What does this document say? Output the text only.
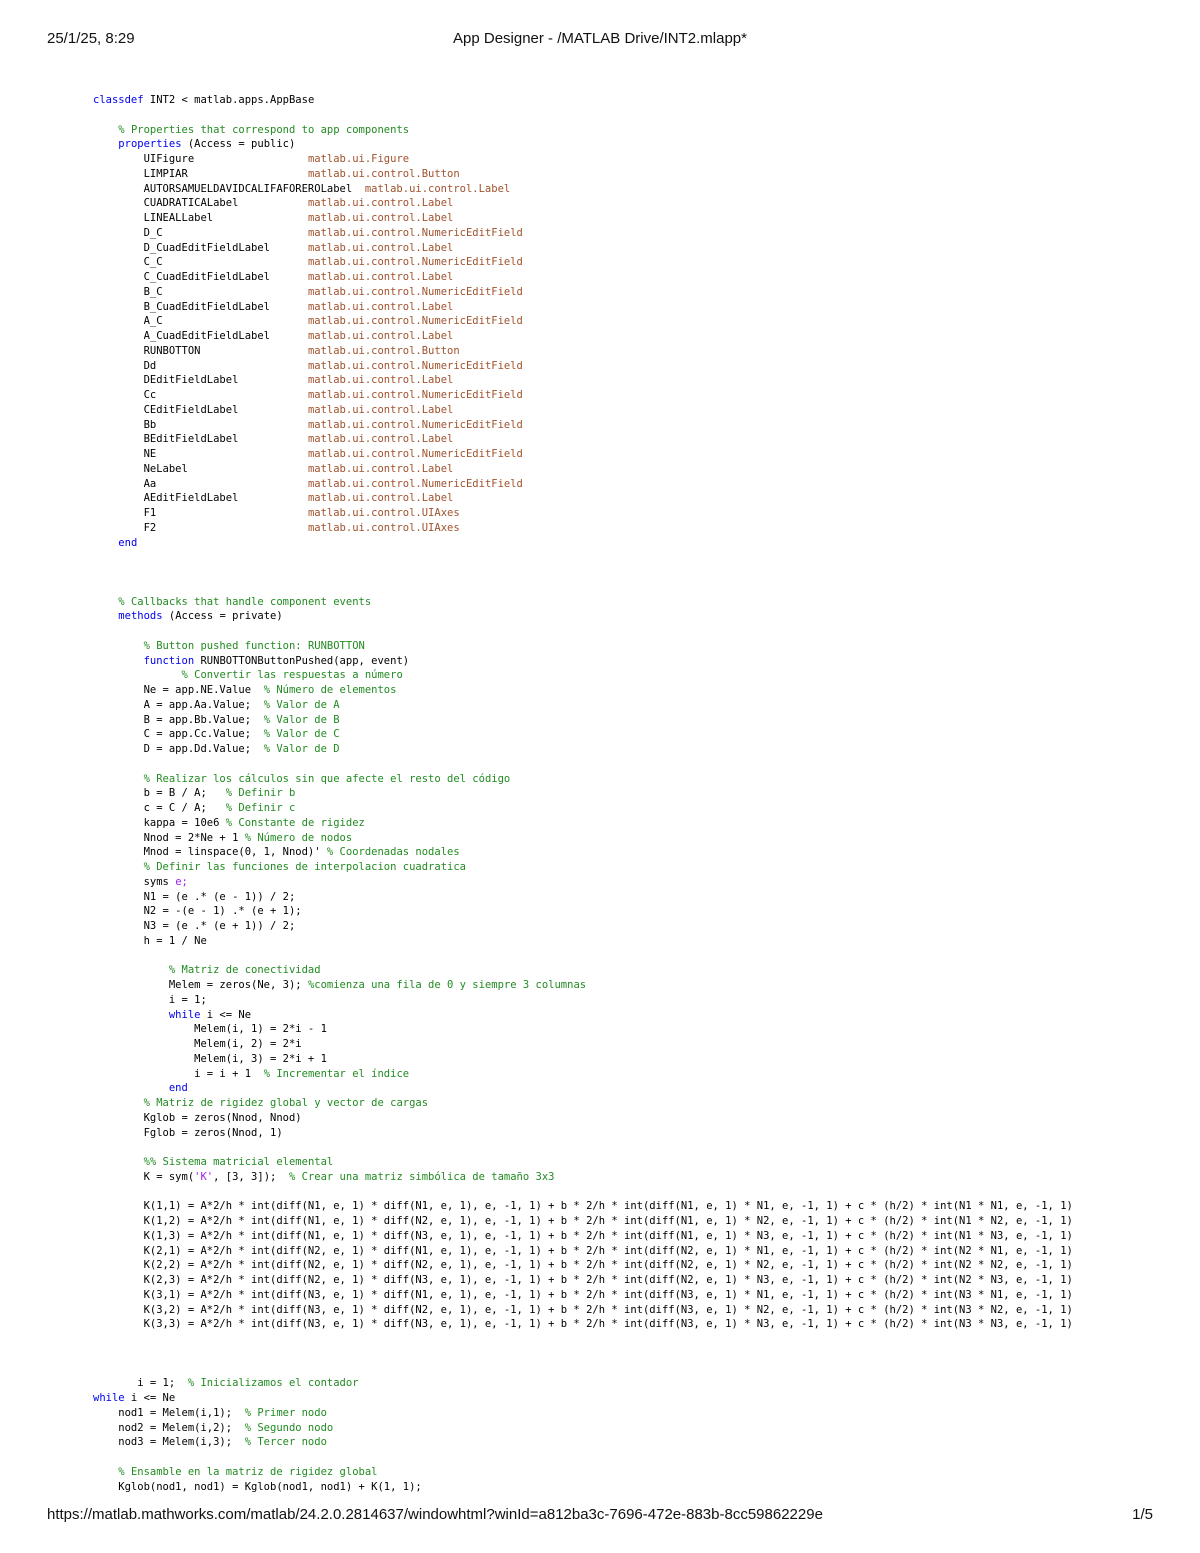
25/1/25, 8:29	App Designer - /MATLAB Drive/INT2.mlapp*
classdef INT2 < matlab.apps.AppBase

% Properties that correspond to app components
properties (Access = public)
UIFigure                  matlab.ui.Figure
LIMPIAR                   matlab.ui.control.Button
AUTORSAMUELDAVIDCALIFAFOREROLabel  matlab.ui.control.Label
CUADRATICALabel           matlab.ui.control.Label
LINEALLabel               matlab.ui.control.Label
D_C                       matlab.ui.control.NumericEditField
D_CuadEditFieldLabel      matlab.ui.control.Label
C_C                       matlab.ui.control.NumericEditField
C_CuadEditFieldLabel      matlab.ui.control.Label
B_C                       matlab.ui.control.NumericEditField
B_CuadEditFieldLabel      matlab.ui.control.Label
A_C                       matlab.ui.control.NumericEditField
A_CuadEditFieldLabel      matlab.ui.control.Label
RUNBOTTON                 matlab.ui.control.Button
Dd                        matlab.ui.control.NumericEditField
DEditFieldLabel           matlab.ui.control.Label
Cc                        matlab.ui.control.NumericEditField
CEditFieldLabel           matlab.ui.control.Label
Bb                        matlab.ui.control.NumericEditField
BEditFieldLabel           matlab.ui.control.Label
NE                        matlab.ui.control.NumericEditField
NeLabel                   matlab.ui.control.Label
Aa                        matlab.ui.control.NumericEditField
AEditFieldLabel           matlab.ui.control.Label
F1                        matlab.ui.control.UIAxes
F2                        matlab.ui.control.UIAxes
end

% Callbacks that handle component events
methods (Access = private)

% Button pushed function: RUNBOTTON
function RUNBOTTONButtonPushed(app, event)
% Convertir las respuestas a número
Ne = app.NE.Value  % Número de elementos
A = app.Aa.Value;  % Valor de A
B = app.Bb.Value;  % Valor de B
C = app.Cc.Value;  % Valor de C
D = app.Dd.Value;  % Valor de D

% Realizar los cálculos sin que afecte el resto del código
b = B / A;   % Definir b
c = C / A;   % Definir c
kappa = 10e6 % Constante de rigidez
Nnod = 2*Ne + 1 % Número de nodos
Mnod = linspace(0, 1, Nnod)' % Coordenadas nodales
% Definir las funciones de interpolacion cuadratica
syms e;
N1 = (e .* (e - 1)) / 2;
N2 = -(e - 1) .* (e + 1);
N3 = (e .* (e + 1)) / 2;
h = 1 / Ne

% Matriz de conectividad
Melem = zeros(Ne, 3); %comienza una fila de 0 y siempre 3 columnas
i = 1;
while i <= Ne
Melem(i, 1) = 2*i - 1
Melem(i, 2) = 2*i
Melem(i, 3) = 2*i + 1
i = i + 1  % Incrementar el índice
end
% Matriz de rigidez global y vector de cargas
Kglob = zeros(Nnod, Nnod)
Fglob = zeros(Nnod, 1)

%% Sistema matricial elemental
K = sym('K', [3, 3]);  % Crear una matriz simbólica de tamaño 3x3

K(1,1) = A*2/h * int(diff(N1, e, 1) * diff(N1, e, 1), e, -1, 1) + b * 2/h * int(diff(N1, e, 1) * N1, e, -1, 1) + c * (h/2) * int(N1 * N1, e, -1, 1)
K(1,2) = A*2/h * int(diff(N1, e, 1) * diff(N2, e, 1), e, -1, 1) + b * 2/h * int(diff(N1, e, 1) * N2, e, -1, 1) + c * (h/2) * int(N1 * N2, e, -1, 1)
K(1,3) = A*2/h * int(diff(N1, e, 1) * diff(N3, e, 1), e, -1, 1) + b * 2/h * int(diff(N1, e, 1) * N3, e, -1, 1) + c * (h/2) * int(N1 * N3, e, -1, 1)
K(2,1) = A*2/h * int(diff(N2, e, 1) * diff(N1, e, 1), e, -1, 1) + b * 2/h * int(diff(N2, e, 1) * N1, e, -1, 1) + c * (h/2) * int(N2 * N1, e, -1, 1)
K(2,2) = A*2/h * int(diff(N2, e, 1) * diff(N2, e, 1), e, -1, 1) + b * 2/h * int(diff(N2, e, 1) * N2, e, -1, 1) + c * (h/2) * int(N2 * N2, e, -1, 1)
K(2,3) = A*2/h * int(diff(N2, e, 1) * diff(N3, e, 1), e, -1, 1) + b * 2/h * int(diff(N2, e, 1) * N3, e, -1, 1) + c * (h/2) * int(N2 * N3, e, -1, 1)
K(3,1) = A*2/h * int(diff(N3, e, 1) * diff(N1, e, 1), e, -1, 1) + b * 2/h * int(diff(N3, e, 1) * N1, e, -1, 1) + c * (h/2) * int(N3 * N1, e, -1, 1)
K(3,2) = A*2/h * int(diff(N3, e, 1) * diff(N2, e, 1), e, -1, 1) + b * 2/h * int(diff(N3, e, 1) * N2, e, -1, 1) + c * (h/2) * int(N3 * N2, e, -1, 1)
K(3,3) = A*2/h * int(diff(N3, e, 1) * diff(N3, e, 1), e, -1, 1) + b * 2/h * int(diff(N3, e, 1) * N3, e, -1, 1) + c * (h/2) * int(N3 * N3, e, -1, 1)

i = 1;  % Inicializamos el contador
while i <= Ne
nod1 = Melem(i,1);  % Primer nodo
nod2 = Melem(i,2);  % Segundo nodo
nod3 = Melem(i,3);  % Tercer nodo

% Ensamble en la matriz de rigidez global
Kglob(nod1, nod1) = Kglob(nod1, nod1) + K(1, 1);
https://matlab.mathworks.com/matlab/24.2.0.2814637/windowhtml?winId=a812ba3c-7696-472e-883b-8cc59862229e	1/5
